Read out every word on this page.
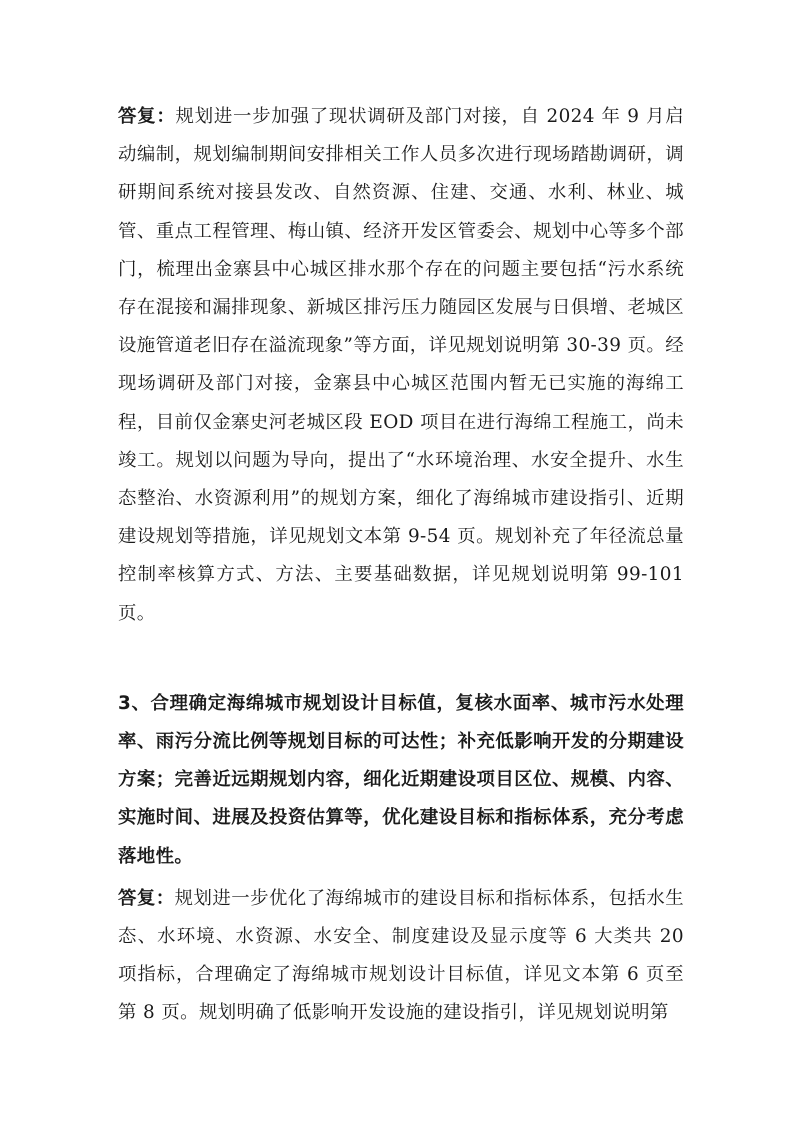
答复：规划进一步加强了现状调研及部门对接，自 2024 年 9 月启动编制，规划编制期间安排相关工作人员多次进行现场踏勘调研，调研期间系统对接县发改、自然资源、住建、交通、水利、林业、城管、重点工程管理、梅山镇、经济开发区管委会、规划中心等多个部门，梳理出金寨县中心城区排水那个存在的问题主要包括“污水系统存在混接和漏排现象、新城区排污压力随园区发展与日俱增、老城区设施管道老旧存在溢流现象”等方面，详见规划说明第 30-39 页。经现场调研及部门对接，金寨县中心城区范围内暂无已实施的海绵工程，目前仅金寨史河老城区段 EOD 项目在进行海绵工程施工，尚未竣工。规划以问题为导向，提出了“水环境治理、水安全提升、水生态整治、水资源利用”的规划方案，细化了海绵城市建设指引、近期建设规划等措施，详见规划文本第 9-54 页。规划补充了年径流总量控制率核算方式、方法、主要基础数据，详见规划说明第 99-101 页。

3、合理确定海绵城市规划设计目标值，复核水面率、城市污水处理率、雨污分流比例等规划目标的可达性；补充低影响开发的分期建设方案；完善近远期规划内容，细化近期建设项目区位、规模、内容、实施时间、进展及投资估算等，优化建设目标和指标体系，充分考虑落地性。

答复：规划进一步优化了海绵城市的建设目标和指标体系，包括水生态、水环境、水资源、水安全、制度建设及显示度等 6 大类共 20 项指标，合理确定了海绵城市规划设计目标值，详见文本第 6 页至第 8 页。规划明确了低影响开发设施的建设指引，详见规划说明第
